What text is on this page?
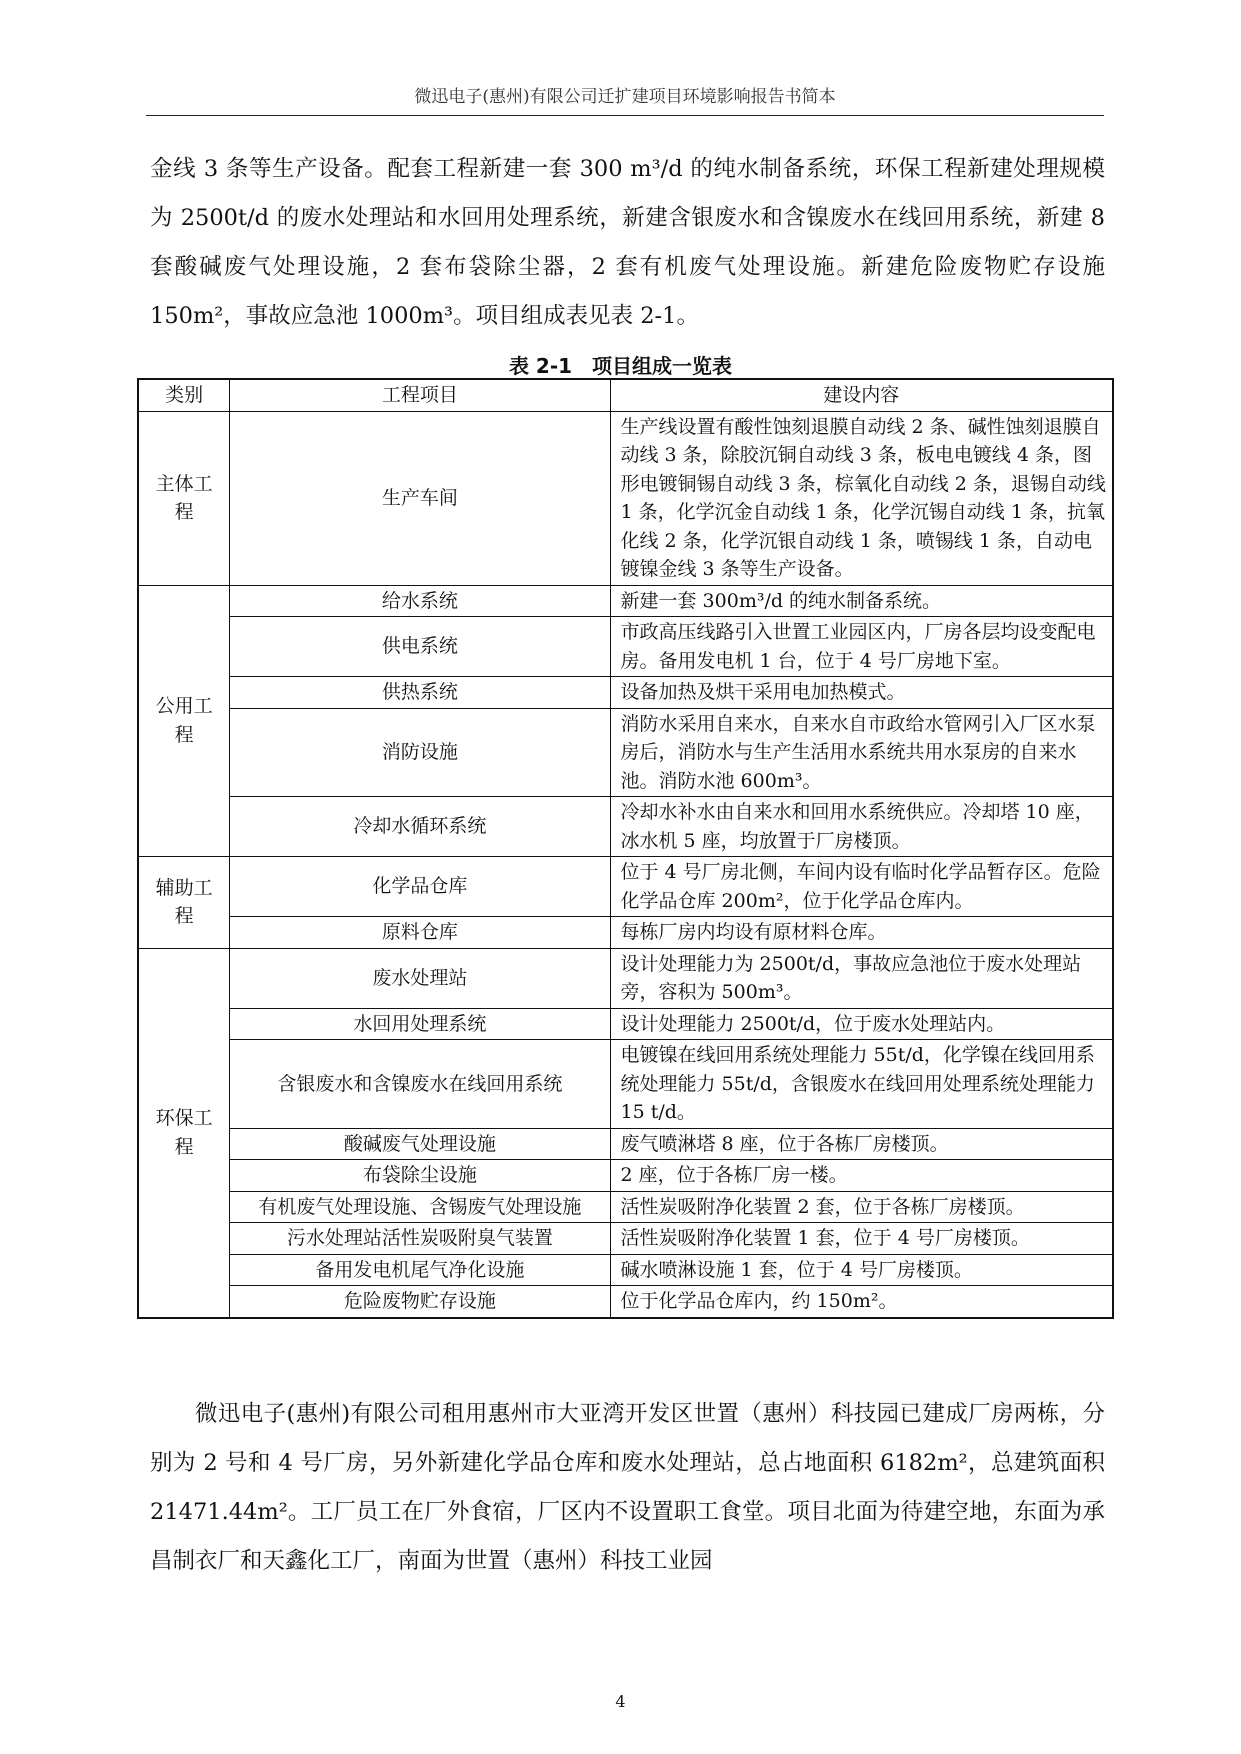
微迅电子(惠州)有限公司迁扩建项目环境影响报告书简本

金线 3 条等生产设备。配套工程新建一套 300 m³/d 的纯水制备系统，环保工程新建处理规模为 2500t/d 的废水处理站和水回用处理系统，新建含银废水和含镍废水在线回用系统，新建 8 套酸碱废气处理设施，2 套布袋除尘器，2 套有机废气处理设施。新建危险废物贮存设施 150m²，事故应急池 1000m³。项目组成表见表 2-1。

表 2-1　项目组成一览表
类别	工程项目	建设内容
主体工程	生产车间	生产线设置有酸性蚀刻退膜自动线 2 条、碱性蚀刻退膜自动线 3 条，除胶沉铜自动线 3 条，板电电镀线 4 条，图形电镀铜锡自动线 3 条，棕氧化自动线 2 条，退锡自动线 1 条，化学沉金自动线 1 条，化学沉锡自动线 1 条，抗氧化线 2 条，化学沉银自动线 1 条，喷锡线 1 条，自动电镀镍金线 3 条等生产设备。
公用工程	给水系统	新建一套 300m³/d 的纯水制备系统。
	供电系统	市政高压线路引入世置工业园区内，厂房各层均设变配电房。备用发电机 1 台，位于 4 号厂房地下室。
	供热系统	设备加热及烘干采用电加热模式。
	消防设施	消防水采用自来水，自来水自市政给水管网引入厂区水泵房后，消防水与生产生活用水系统共用水泵房的自来水池。消防水池 600m³。
	冷却水循环系统	冷却水补水由自来水和回用水系统供应。冷却塔 10 座，冰水机 5 座，均放置于厂房楼顶。
辅助工程	化学品仓库	位于 4 号厂房北侧，车间内设有临时化学品暂存区。危险化学品仓库 200m²，位于化学品仓库内。
	原料仓库	每栋厂房内均设有原材料仓库。
环保工程	废水处理站	设计处理能力为 2500t/d，事故应急池位于废水处理站旁，容积为 500m³。
	水回用处理系统	设计处理能力 2500t/d，位于废水处理站内。
	含银废水和含镍废水在线回用系统	电镀镍在线回用系统处理能力 55t/d，化学镍在线回用系统处理能力 55t/d，含银废水在线回用处理系统处理能力 15 t/d。
	酸碱废气处理设施	废气喷淋塔 8 座，位于各栋厂房楼顶。
	布袋除尘设施	2 座，位于各栋厂房一楼。
	有机废气处理设施、含锡废气处理设施	活性炭吸附净化装置 2 套，位于各栋厂房楼顶。
	污水处理站活性炭吸附臭气装置	活性炭吸附净化装置 1 套，位于 4 号厂房楼顶。
	备用发电机尾气净化设施	碱水喷淋设施 1 套，位于 4 号厂房楼顶。
	危险废物贮存设施	位于化学品仓库内，约 150m²。

微迅电子(惠州)有限公司租用惠州市大亚湾开发区世置（惠州）科技园已建成厂房两栋，分别为 2 号和 4 号厂房，另外新建化学品仓库和废水处理站，总占地面积 6182m²，总建筑面积 21471.44m²。工厂员工在厂外食宿，厂区内不设置职工食堂。项目北面为待建空地，东面为承昌制衣厂和天鑫化工厂，南面为世置（惠州）科技工业园

4
